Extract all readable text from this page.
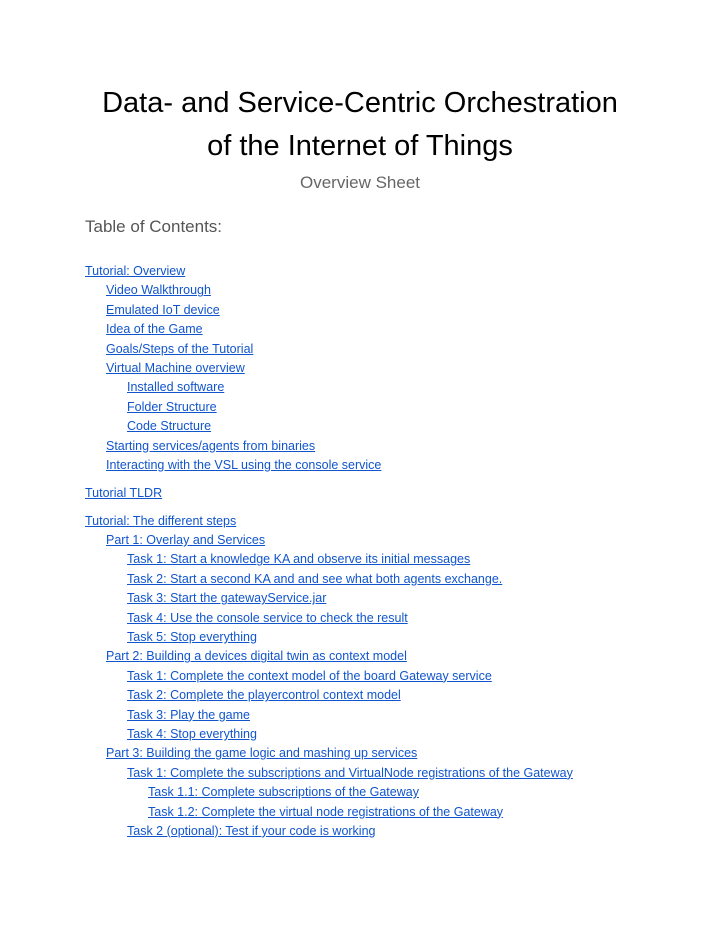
Data- and Service-Centric Orchestration
of the Internet of Things
Overview Sheet
Table of Contents:
Tutorial: Overview
Video Walkthrough
Emulated IoT device
Idea of the Game
Goals/Steps of the Tutorial
Virtual Machine overview
Installed software
Folder Structure
Code Structure
Starting services/agents from binaries
Interacting with the VSL using the console service
Tutorial TLDR
Tutorial: The different steps
Part 1: Overlay and Services
Task 1: Start a knowledge KA and observe its initial messages
Task 2: Start a second KA and and see what both agents exchange.
Task 3: Start the gatewayService.jar
Task 4: Use the console service to check the result
Task 5: Stop everything
Part 2: Building a devices digital twin as context model
Task 1: Complete the context model of the board Gateway service
Task 2: Complete the playercontrol context model
Task 3: Play the game
Task 4: Stop everything
Part 3: Building the game logic and mashing up services
Task 1: Complete the subscriptions and VirtualNode registrations of the Gateway
Task 1.1: Complete subscriptions of the Gateway
Task 1.2: Complete the virtual node registrations of the Gateway
Task 2 (optional): Test if your code is working
